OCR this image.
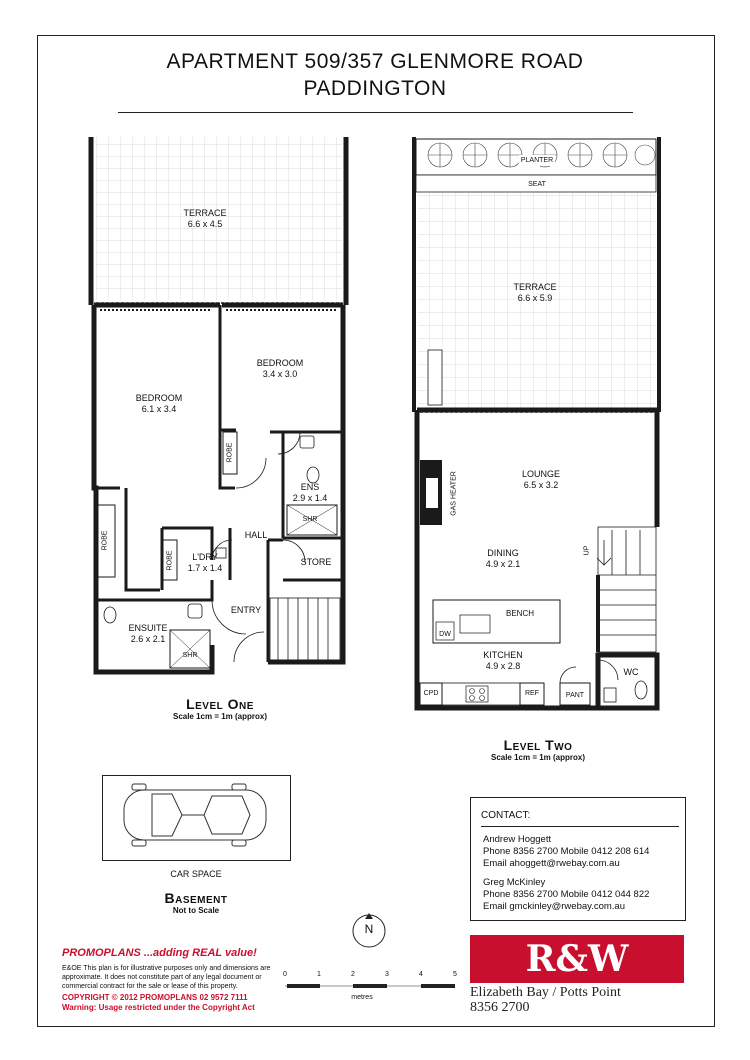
APARTMENT 509/357 GLENMORE ROAD
PADDINGTON
TERRACE
6.6 x 4.5
BEDROOM
6.1 x 3.4
BEDROOM
3.4 x 3.0
ROBE
ROBE
ROBE
ENS
2.9 x 1.4
SHR
HALL
STORE
L'DRY
1.7 x 1.4
ENTRY
ENSUITE
2.6 x 2.1
SHR
Level One
Scale 1cm = 1m (approx)
PLANTER
SEAT
TERRACE
6.6 x 5.9
LOUNGE
6.5 x 3.2
GAS HEATER
DINING
4.9 x 2.1
UP
BENCH
DW
KITCHEN
4.9 x 2.8
WC
CPD	REF	PANT
Level Two
Scale 1cm = 1m (approx)
CAR SPACE
Basement
Not to Scale
N
0	1	2	3	4	5
metres
CONTACT:
Andrew Hoggett
Phone 8356 2700 Mobile 0412 208 614
Email ahoggett@rwebay.com.au
Greg McKinley
Phone 8356 2700 Mobile 0412 044 822
Email gmckinley@rwebay.com.au
PROMOPLANS ...adding REAL value!
E&OE This plan is for illustrative purposes only and dimensions are approximate. It does not constitute part of any legal document or commercial contract for the sale or lease of this property.
COPYRIGHT © 2012 PROMOPLANS 02 9572 7111
Warning: Usage restricted under the Copyright Act
R&W
Elizabeth Bay / Potts Point
8356 2700
